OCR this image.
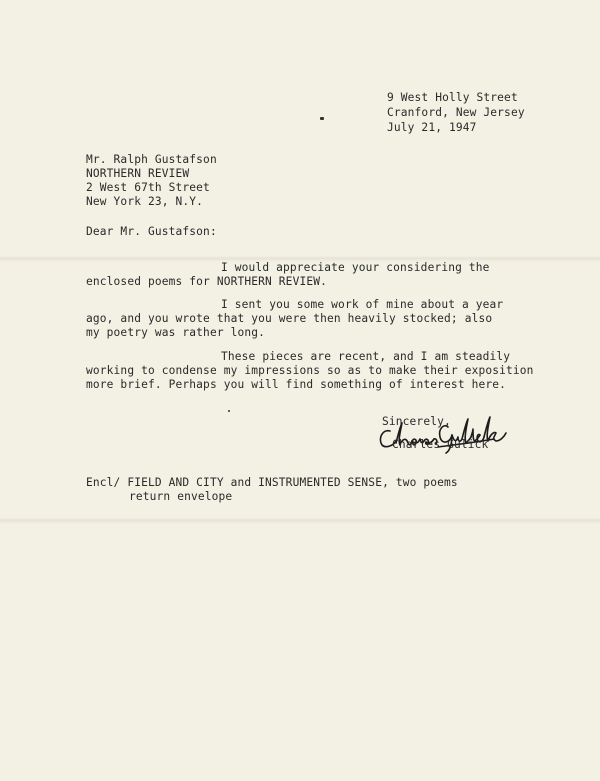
9 West Holly Street
Cranford, New Jersey
July 21, 1947
Mr. Ralph Gustafson
NORTHERN REVIEW
2 West 67th Street
New York 23, N.Y.
Dear Mr. Gustafson:
I would appreciate your considering the
enclosed poems for NORTHERN REVIEW.
I sent you some work of mine about a year
ago, and you wrote that you were then heavily stocked; also
my poetry was rather long.
These pieces are recent, and I am steadily
working to condense my impressions so as to make their exposition
more brief. Perhaps you will find something of interest here.
Sincerely,
Charles Gulick
Encl/ FIELD AND CITY and INSTRUMENTED SENSE, two poems
return envelope
